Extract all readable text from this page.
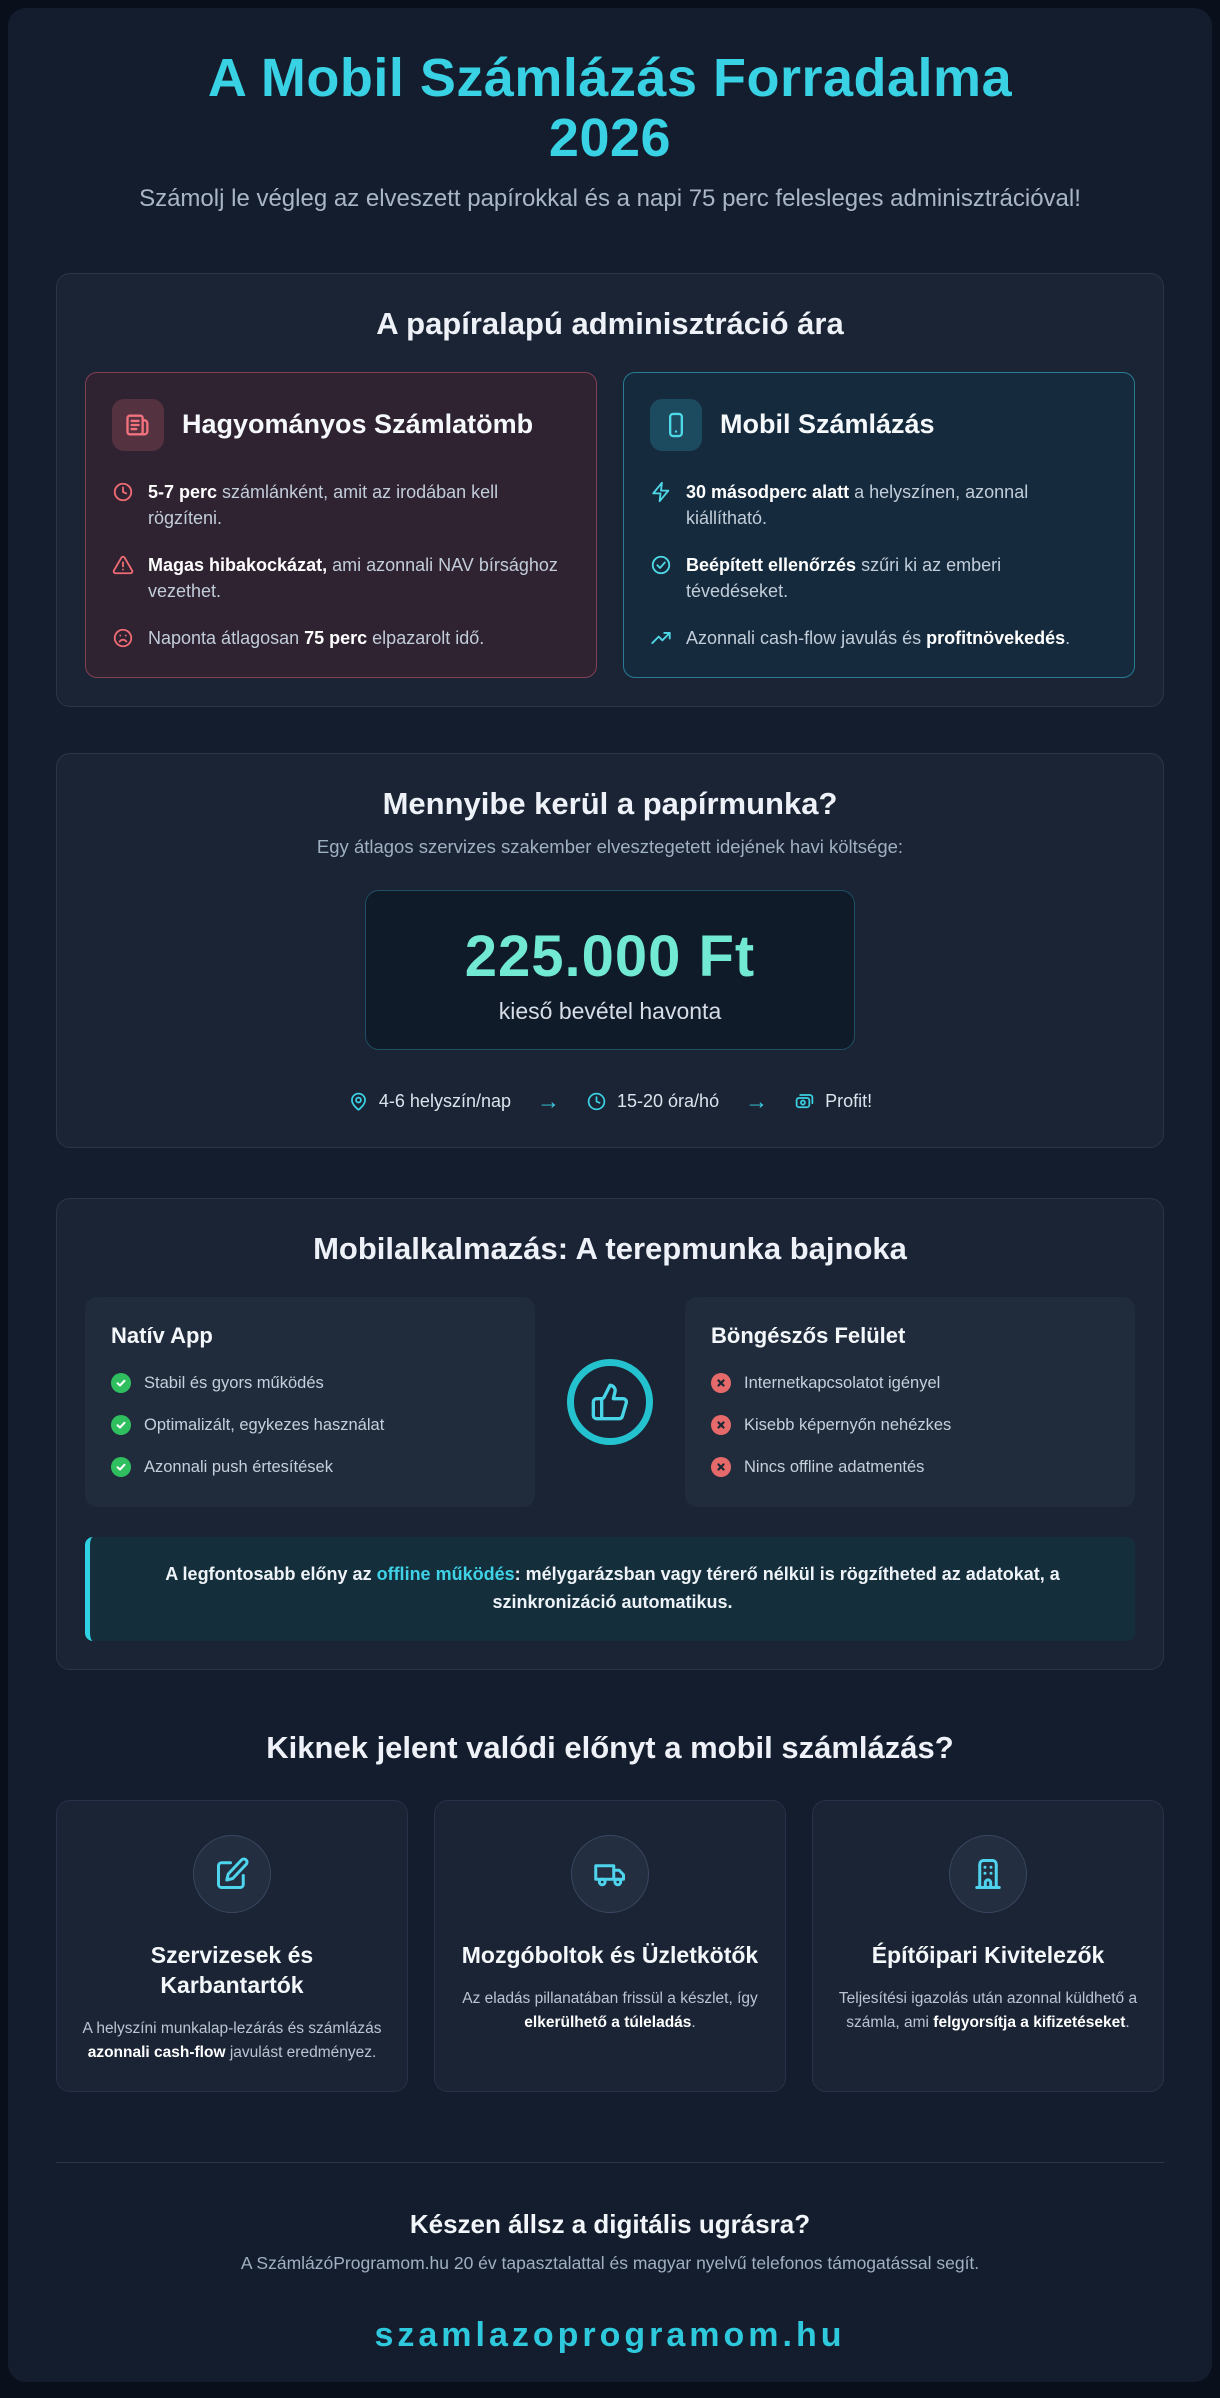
A Mobil Számlázás Forradalma
2026
Számolj le végleg az elveszett papírokkal és a napi 75 perc felesleges adminisztrációval!
A papíralapú adminisztráció ára
Hagyományos Számlatömb

5-7 perc számlánként, amit az irodában kell rögzíteni.

Magas hibakockázat, ami azonnali NAV bírsághoz vezethet.

Naponta átlagosan 75 perc elpazarolt idő.

Mobil Számlázás

30 másodperc alatt a helyszínen, azonnal kiállítható.

Beépített ellenőrzés szűri ki az emberi tévedéseket.

Azonnali cash-flow javulás és profitnövekedés.

Mennyibe kerül a papírmunka?
Egy átlagos szervizes szakember elvesztegetett idejének havi költsége:
225.000 Ft
kieső bevétel havonta
4-6 helyszín/nap →	15-20 óra/hó →	Profit!
Mobilalkalmazás: A terepmunka bajnoka
Natív App
Stabil és gyors működés
Optimalizált, egykezes használat
Azonnali push értesítések
Böngészős Felület
Internetkapcsolatot igényel
Kisebb képernyőn nehézkes
Nincs offline adatmentés
A legfontosabb előny az offline működés: mélygarázsban vagy térerő nélkül is rögzítheted az adatokat, a szinkronizáció automatikus.
Kiknek jelent valódi előnyt a mobil számlázás?
Szervizesek és Karbantartók

A helyszíni munkalap-lezárás és számlázás azonnali cash-flow javulást eredményez.

Mozgóboltok és Üzletkötők

Az eladás pillanatában frissül a készlet, így elkerülhető a túleladás.

Építőipari Kivitelezők

Teljesítési igazolás után azonnal küldhető a számla, ami felgyorsítja a kifizetéseket.

Készen állsz a digitális ugrásra?
A SzámlázóProgramom.hu 20 év tapasztalattal és magyar nyelvű telefonos támogatással segít.
szamlazoprogramom.hu
